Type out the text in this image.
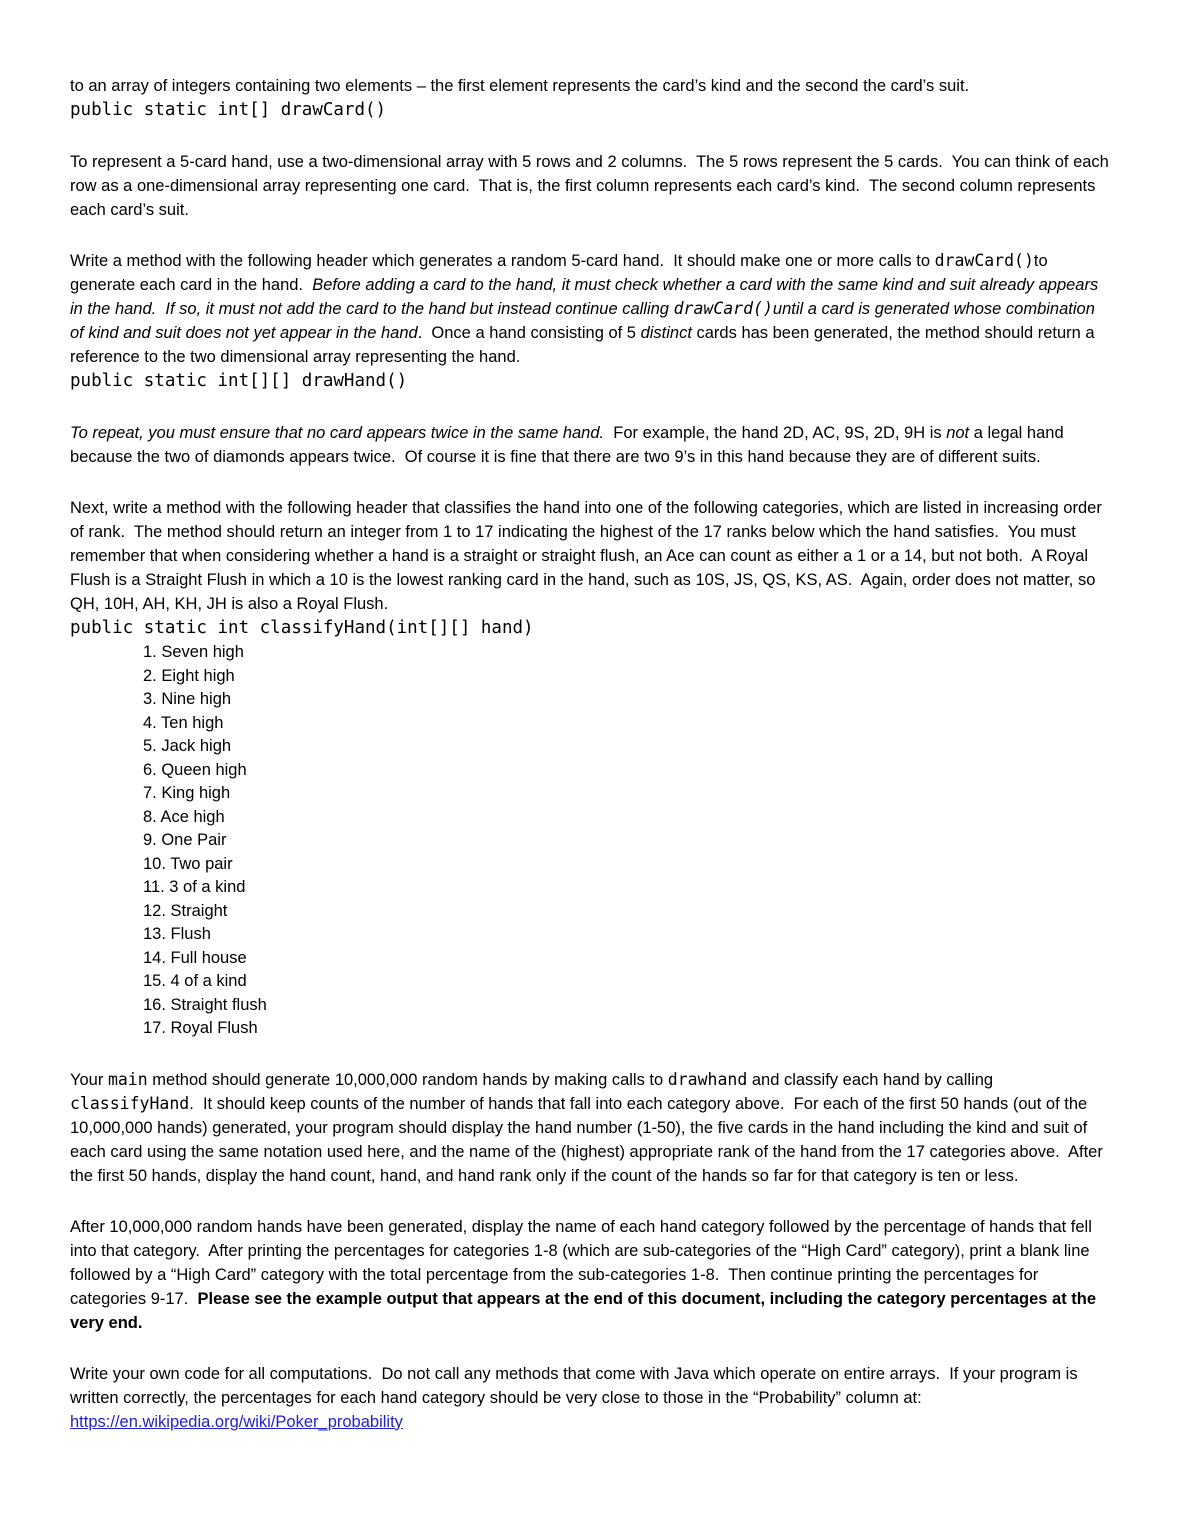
to an array of integers containing two elements – the first element represents the card’s kind and the second the card’s suit.

public static int[] drawCard()

To represent a 5-card hand, use a two-dimensional array with 5 rows and 2 columns.  The 5 rows represent the 5 cards.  You can think of each row as a one-dimensional array representing one card.  That is, the first column represents each card’s kind.  The second column represents each card’s suit.

Write a method with the following header which generates a random 5-card hand.  It should make one or more calls to drawCard()to generate each card in the hand.  Before adding a card to the hand, it must check whether a card with the same kind and suit already appears in the hand.  If so, it must not add the card to the hand but instead continue calling drawCard()until a card is generated whose combination of kind and suit does not yet appear in the hand.  Once a hand consisting of 5 distinct cards has been generated, the method should return a reference to the two dimensional array representing the hand.

public static int[][] drawHand()

To repeat, you must ensure that no card appears twice in the same hand.  For example, the hand 2D, AC, 9S, 2D, 9H is not a legal hand because the two of diamonds appears twice.  Of course it is fine that there are two 9’s in this hand because they are of different suits.

Next, write a method with the following header that classifies the hand into one of the following categories, which are listed in increasing order of rank.  The method should return an integer from 1 to 17 indicating the highest of the 17 ranks below which the hand satisfies.  You must remember that when considering whether a hand is a straight or straight flush, an Ace can count as either a 1 or a 14, but not both.  A Royal Flush is a Straight Flush in which a 10 is the lowest ranking card in the hand, such as 10S, JS, QS, KS, AS.  Again, order does not matter, so QH, 10H, AH, KH, JH is also a Royal Flush.

public static int classifyHand(int[][] hand)
1. Seven high
2. Eight high
3. Nine high
4. Ten high
5. Jack high
6. Queen high
7. King high
8. Ace high
9. One Pair
10. Two pair
11. 3 of a kind
12. Straight
13. Flush
14. Full house
15. 4 of a kind
16. Straight flush
17. Royal Flush

Your main method should generate 10,000,000 random hands by making calls to drawhand and classify each hand by calling classifyHand.  It should keep counts of the number of hands that fall into each category above.  For each of the first 50 hands (out of the 10,000,000 hands) generated, your program should display the hand number (1-50), the five cards in the hand including the kind and suit of each card using the same notation used here, and the name of the (highest) appropriate rank of the hand from the 17 categories above.  After the first 50 hands, display the hand count, hand, and hand rank only if the count of the hands so far for that category is ten or less.

After 10,000,000 random hands have been generated, display the name of each hand category followed by the percentage of hands that fell into that category.  After printing the percentages for categories 1-8 (which are sub-categories of the “High Card” category), print a blank line followed by a “High Card” category with the total percentage from the sub-categories 1-8.  Then continue printing the percentages for categories 9-17.  Please see the example output that appears at the end of this document, including the category percentages at the very end.

Write your own code for all computations.  Do not call any methods that come with Java which operate on entire arrays.  If your program is written correctly, the percentages for each hand category should be very close to those in the “Probability” column at: https://en.wikipedia.org/wiki/Poker_probability
